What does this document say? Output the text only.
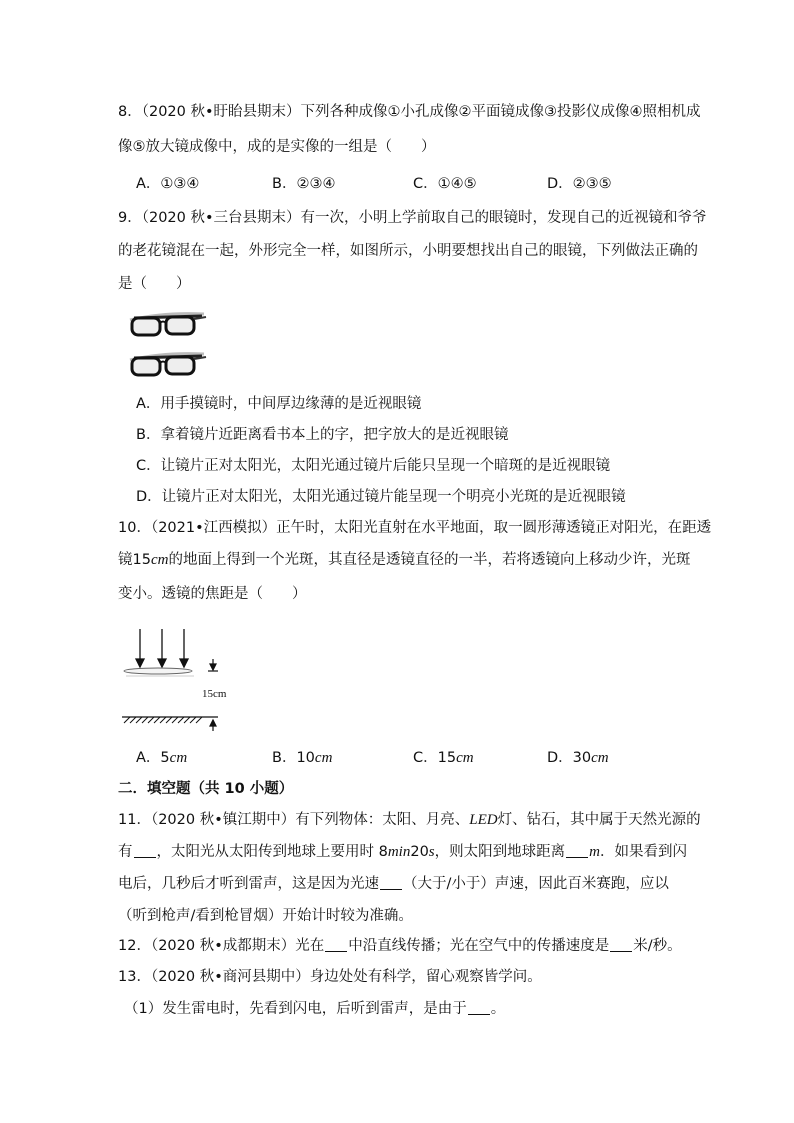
8．（2020 秋•盱眙县期末）下列各种成像①小孔成像②平面镜成像③投影仪成像④照相机成
像⑤放大镜成像中，成的是实像的一组是（　　）
A．①③④	B．②③④	C．①④⑤	D．②③⑤
9．（2020 秋•三台县期末）有一次，小明上学前取自己的眼镜时，发现自己的近视镜和爷爷
的老花镜混在一起，外形完全一样，如图所示，小明要想找出自己的眼镜，下列做法正确的
是（　　）
A．用手摸镜时，中间厚边缘薄的是近视眼镜
B．拿着镜片近距离看书本上的字，把字放大的是近视眼镜
C．让镜片正对太阳光，太阳光通过镜片后能只呈现一个暗斑的是近视眼镜
D．让镜片正对太阳光，太阳光通过镜片能呈现一个明亮小光斑的是近视眼镜
10．（2021•江西模拟）正午时，太阳光直射在水平地面，取一圆形薄透镜正对阳光，在距透
镜15cm的地面上得到一个光斑，其直径是透镜直径的一半，若将透镜向上移动少许，光斑
变小。透镜的焦距是（　　）
15cm
A．5cm	B．10cm	C．15cm	D．30cm
二．填空题（共 10 小题）
11．（2020 秋•镇江期中）有下列物体：太阳、月亮、LED灯、钻石，其中属于天然光源的
有 ，太阳光从太阳传到地球上要用时 8min20s，则太阳到地球距离 m．如果看到闪
电后，几秒后才听到雷声，这是因为光速 （大于/小于）声速，因此百米赛跑，应以
（听到枪声/看到枪冒烟）开始计时较为准确。
12．（2020 秋•成都期末）光在 中沿直线传播；光在空气中的传播速度是 米/秒。
13．（2020 秋•商河县期中）身边处处有科学，留心观察皆学问。
（1）发生雷电时，先看到闪电，后听到雷声，是由于 。
